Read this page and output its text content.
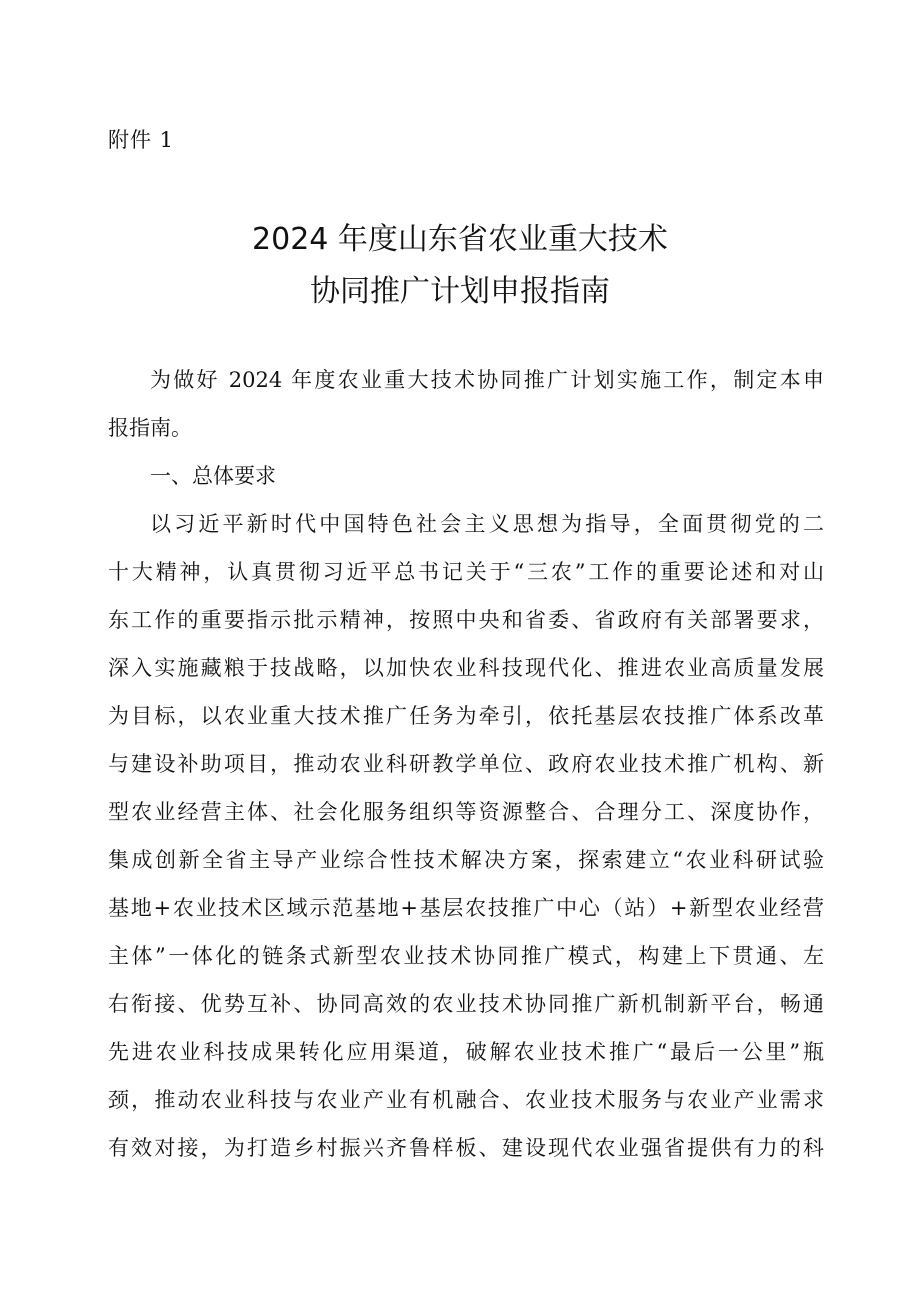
附件 1
2024 年度山东省农业重大技术
协同推广计划申报指南
为做好 2024 年度农业重大技术协同推广计划实施工作，制定本申
报指南。
一、总体要求
以习近平新时代中国特色社会主义思想为指导，全面贯彻党的二
十大精神，认真贯彻习近平总书记关于“三农”工作的重要论述和对山
东工作的重要指示批示精神，按照中央和省委、省政府有关部署要求，
深入实施藏粮于技战略，以加快农业科技现代化、推进农业高质量发展
为目标，以农业重大技术推广任务为牵引，依托基层农技推广体系改革
与建设补助项目，推动农业科研教学单位、政府农业技术推广机构、新
型农业经营主体、社会化服务组织等资源整合、合理分工、深度协作，
集成创新全省主导产业综合性技术解决方案，探索建立“农业科研试验
基地+农业技术区域示范基地+基层农技推广中心（站）+新型农业经营
主体”一体化的链条式新型农业技术协同推广模式，构建上下贯通、左
右衔接、优势互补、协同高效的农业技术协同推广新机制新平台，畅通
先进农业科技成果转化应用渠道，破解农业技术推广“最后一公里”瓶
颈，推动农业科技与农业产业有机融合、农业技术服务与农业产业需求
有效对接，为打造乡村振兴齐鲁样板、建设现代农业强省提供有力的科
